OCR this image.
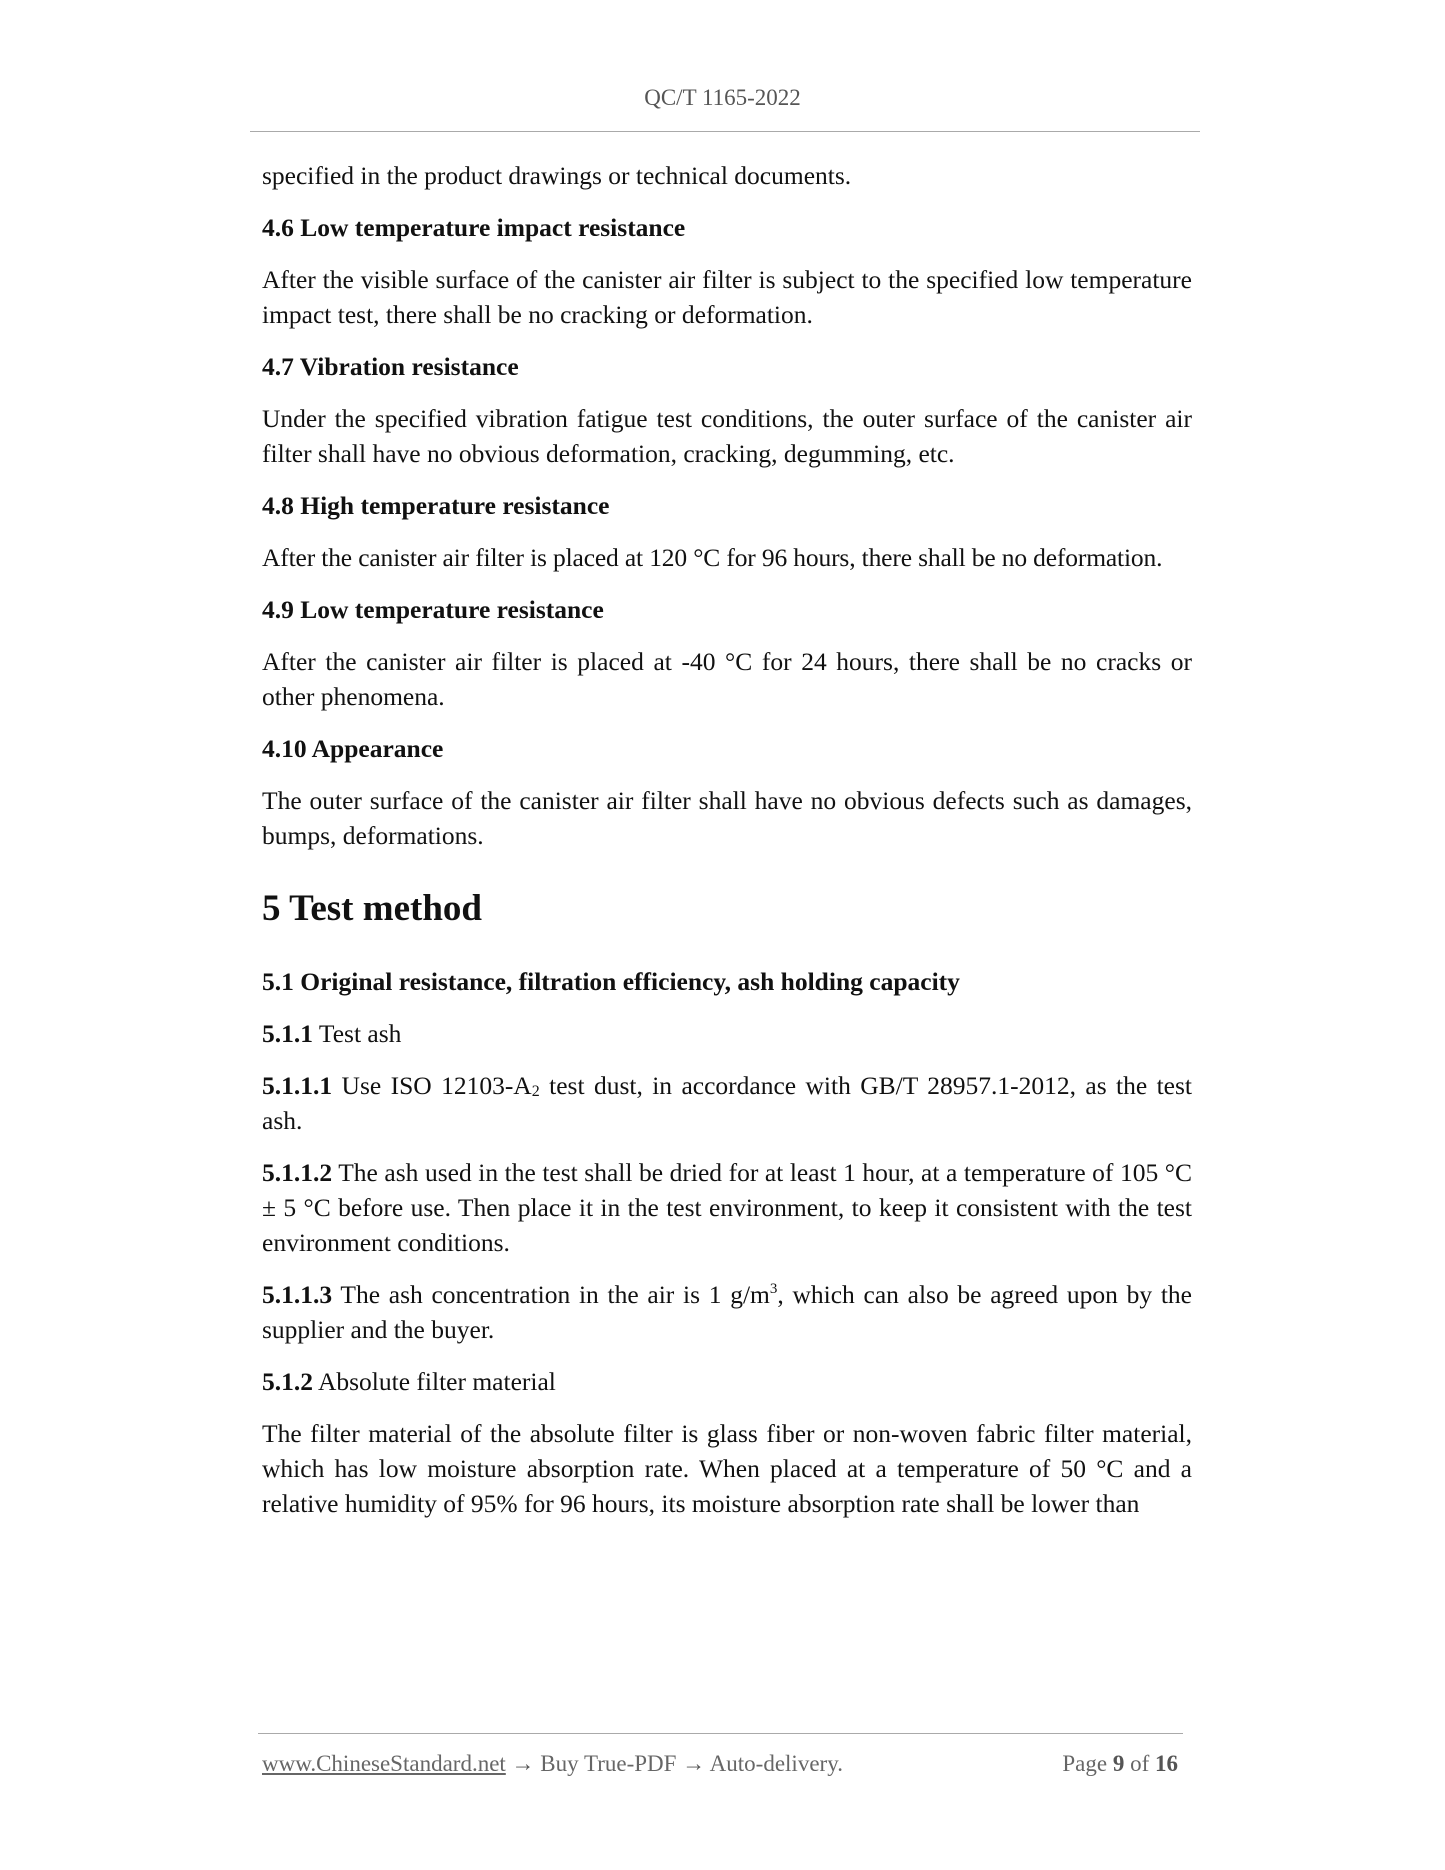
QC/T 1165-2022

specified in the product drawings or technical documents.

4.6 Low temperature impact resistance

After the visible surface of the canister air filter is subject to the specified low temperature impact test, there shall be no cracking or deformation.

4.7 Vibration resistance

Under the specified vibration fatigue test conditions, the outer surface of the canister air filter shall have no obvious deformation, cracking, degumming, etc.

4.8 High temperature resistance

After the canister air filter is placed at 120 °C for 96 hours, there shall be no deformation.

4.9 Low temperature resistance

After the canister air filter is placed at -40 °C for 24 hours, there shall be no cracks or other phenomena.

4.10 Appearance

The outer surface of the canister air filter shall have no obvious defects such as damages, bumps, deformations.

5 Test method

5.1 Original resistance, filtration efficiency, ash holding capacity

5.1.1 Test ash

5.1.1.1 Use ISO $12103-A_2$ test dust, in accordance with GB/T 28957.1-2012, as the test ash.

5.1.1.2 The ash used in the test shall be dried for at least 1 hour, at a temperature of 105 °C ± 5 °C before use. Then place it in the test environment, to keep it consistent with the test environment conditions.

5.1.1.3 The ash concentration in the air is 1 $g/m^3$, which can also be agreed upon by the supplier and the buyer.

5.1.2 Absolute filter material

The filter material of the absolute filter is glass fiber or non-woven fabric filter material, which has low moisture absorption rate. When placed at a temperature of 50 °C and a relative humidity of 95% for 96 hours, its moisture absorption rate shall be lower than

www.ChineseStandard.net → Buy True-PDF → Auto-delivery.	Page 9 of 16
